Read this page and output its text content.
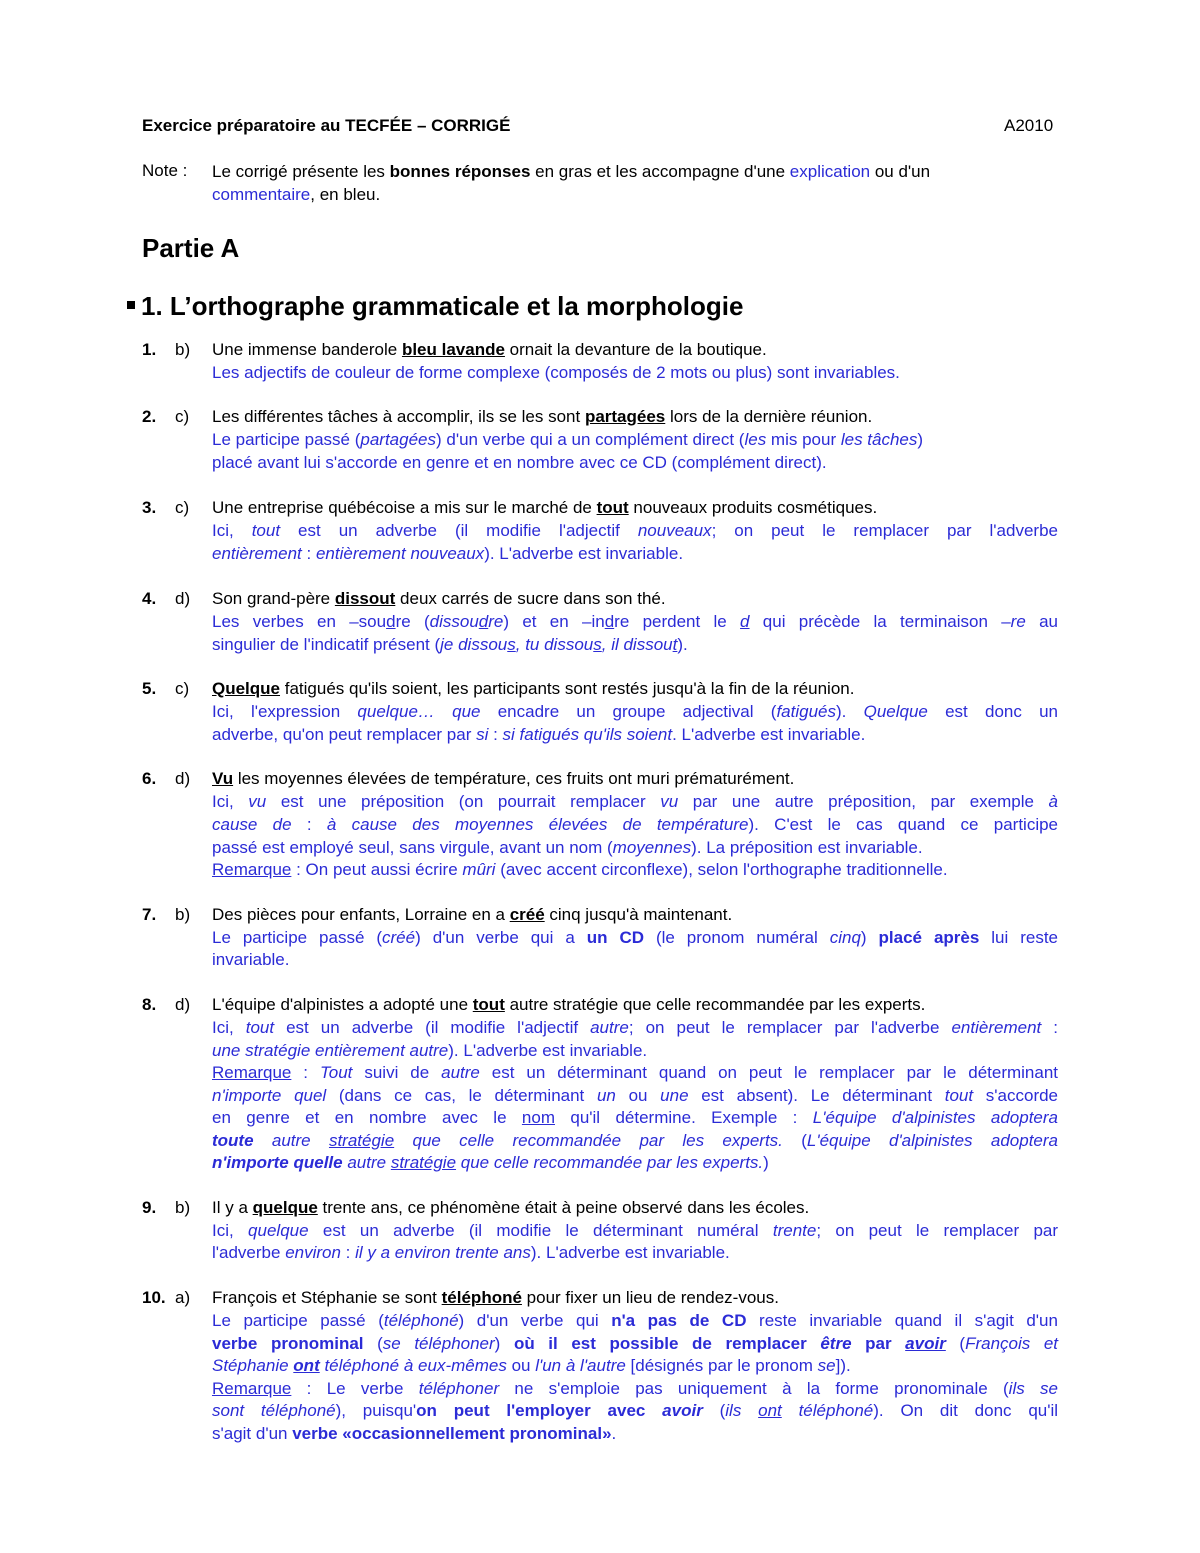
Exercice préparatoire au TECFÉE – CORRIGÉ	A2010
Note : Le corrigé présente les bonnes réponses en gras et les accompagne d'une explication ou d'un
commentaire, en bleu.
Partie A
1. L’orthographe grammaticale et la morphologie
1. b) Une immense banderole bleu lavande ornait la devanture de la boutique.
Les adjectifs de couleur de forme complexe (composés de 2 mots ou plus) sont invariables.
2. c) Les différentes tâches à accomplir, ils se les sont partagées lors de la dernière réunion.
Le participe passé (partagées) d'un verbe qui a un complément direct (les mis pour les tâches)
placé avant lui s'accorde en genre et en nombre avec ce CD (complément direct).
3. c) Une entreprise québécoise a mis sur le marché de tout nouveaux produits cosmétiques.
Ici, tout est un adverbe (il modifie l'adjectif nouveaux; on peut le remplacer par l'adverbe
entièrement : entièrement nouveaux). L'adverbe est invariable.
4. d) Son grand-père dissout deux carrés de sucre dans son thé.
Les verbes en –soudre (dissoudre) et en –indre perdent le d qui précède la terminaison –re au
singulier de l'indicatif présent (je dissous, tu dissous, il dissout).
5. c) Quelque fatigués qu'ils soient, les participants sont restés jusqu'à la fin de la réunion.
Ici, l'expression quelque… que encadre un groupe adjectival (fatigués). Quelque est donc un
adverbe, qu'on peut remplacer par si : si fatigués qu'ils soient. L'adverbe est invariable.
6. d) Vu les moyennes élevées de température, ces fruits ont muri prématurément.
Ici, vu est une préposition (on pourrait remplacer vu par une autre préposition, par exemple à
cause de : à cause des moyennes élevées de température). C'est le cas quand ce participe
passé est employé seul, sans virgule, avant un nom (moyennes). La préposition est invariable.
Remarque : On peut aussi écrire mûri (avec accent circonflexe), selon l'orthographe traditionnelle.
7. b) Des pièces pour enfants, Lorraine en a créé cinq jusqu'à maintenant.
Le participe passé (créé) d'un verbe qui a un CD (le pronom numéral cinq) placé après lui reste
invariable.
8. d) L'équipe d'alpinistes a adopté une tout autre stratégie que celle recommandée par les experts.
Ici, tout est un adverbe (il modifie l'adjectif autre; on peut le remplacer par l'adverbe entièrement :
une stratégie entièrement autre). L'adverbe est invariable.
Remarque : Tout suivi de autre est un déterminant quand on peut le remplacer par le déterminant
n'importe quel (dans ce cas, le déterminant un ou une est absent). Le déterminant tout s'accorde
en genre et en nombre avec le nom qu'il détermine. Exemple : L'équipe d'alpinistes adoptera
toute autre stratégie que celle recommandée par les experts. (L'équipe d'alpinistes adoptera
n'importe quelle autre stratégie que celle recommandée par les experts.)
9. b) Il y a quelque trente ans, ce phénomène était à peine observé dans les écoles.
Ici, quelque est un adverbe (il modifie le déterminant numéral trente; on peut le remplacer par
l'adverbe environ : il y a environ trente ans). L'adverbe est invariable.
10. a) François et Stéphanie se sont téléphoné pour fixer un lieu de rendez-vous.
Le participe passé (téléphoné) d'un verbe qui n'a pas de CD reste invariable quand il s'agit d'un
verbe pronominal (se téléphoner) où il est possible de remplacer être par avoir (François et
Stéphanie ont téléphoné à eux-mêmes ou l'un à l'autre [désignés par le pronom se]).
Remarque : Le verbe téléphoner ne s'emploie pas uniquement à la forme pronominale (ils se
sont téléphoné), puisqu'on peut l'employer avec avoir (ils ont téléphoné). On dit donc qu'il
s'agit d'un verbe «occasionnellement pronominal».
